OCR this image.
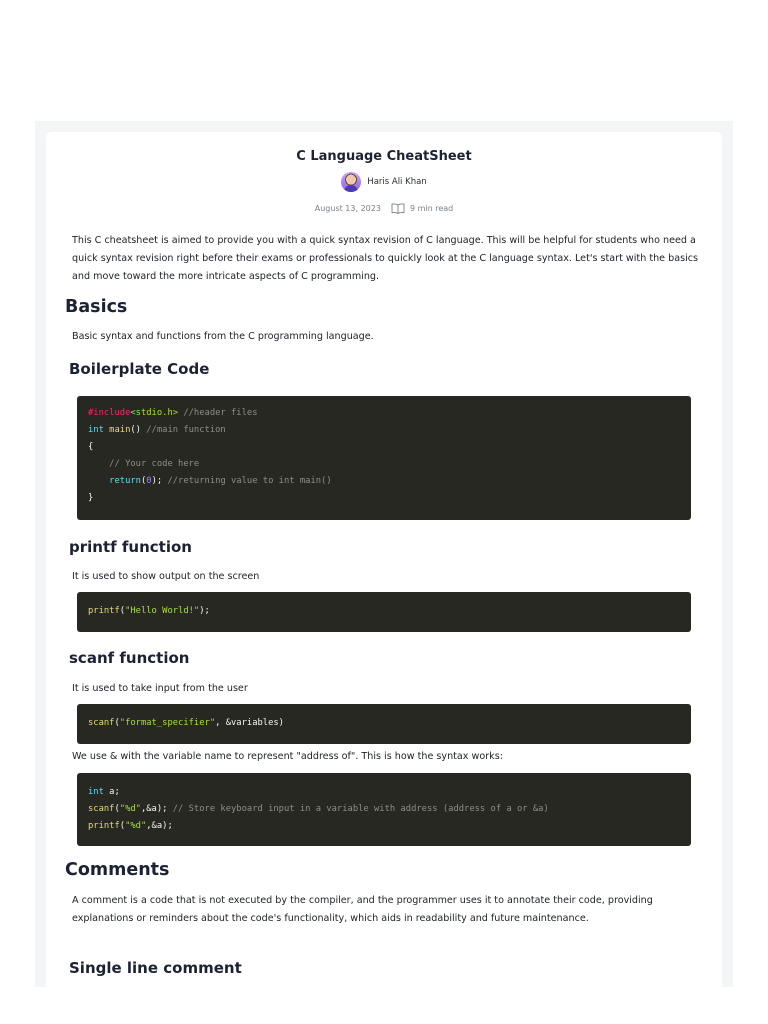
C Language CheatSheet
Haris Ali Khan
August 13, 2023	9 min read
This C cheatsheet is aimed to provide you with a quick syntax revision of C language. This will be helpful for students who need a quick syntax revision right before their exams or professionals to quickly look at the C language syntax. Let's start with the basics and move toward the more intricate aspects of C programming.
Basics
Basic syntax and functions from the C programming language.
Boilerplate Code
#include<stdio.h> //header files
int main() //main function
{
// Your code here
return(0); //returning value to int main()
}
printf function
It is used to show output on the screen
printf("Hello World!");
scanf function
It is used to take input from the user
scanf("format_specifier", &variables)
We use & with the variable name to represent "address of". This is how the syntax works:
int a;
scanf("%d",&a); // Store keyboard input in a variable with address (address of a or &a)
printf("%d",&a);
Comments
A comment is a code that is not executed by the compiler, and the programmer uses it to annotate their code, providing explanations or reminders about the code's functionality, which aids in readability and future maintenance.
Single line comment
